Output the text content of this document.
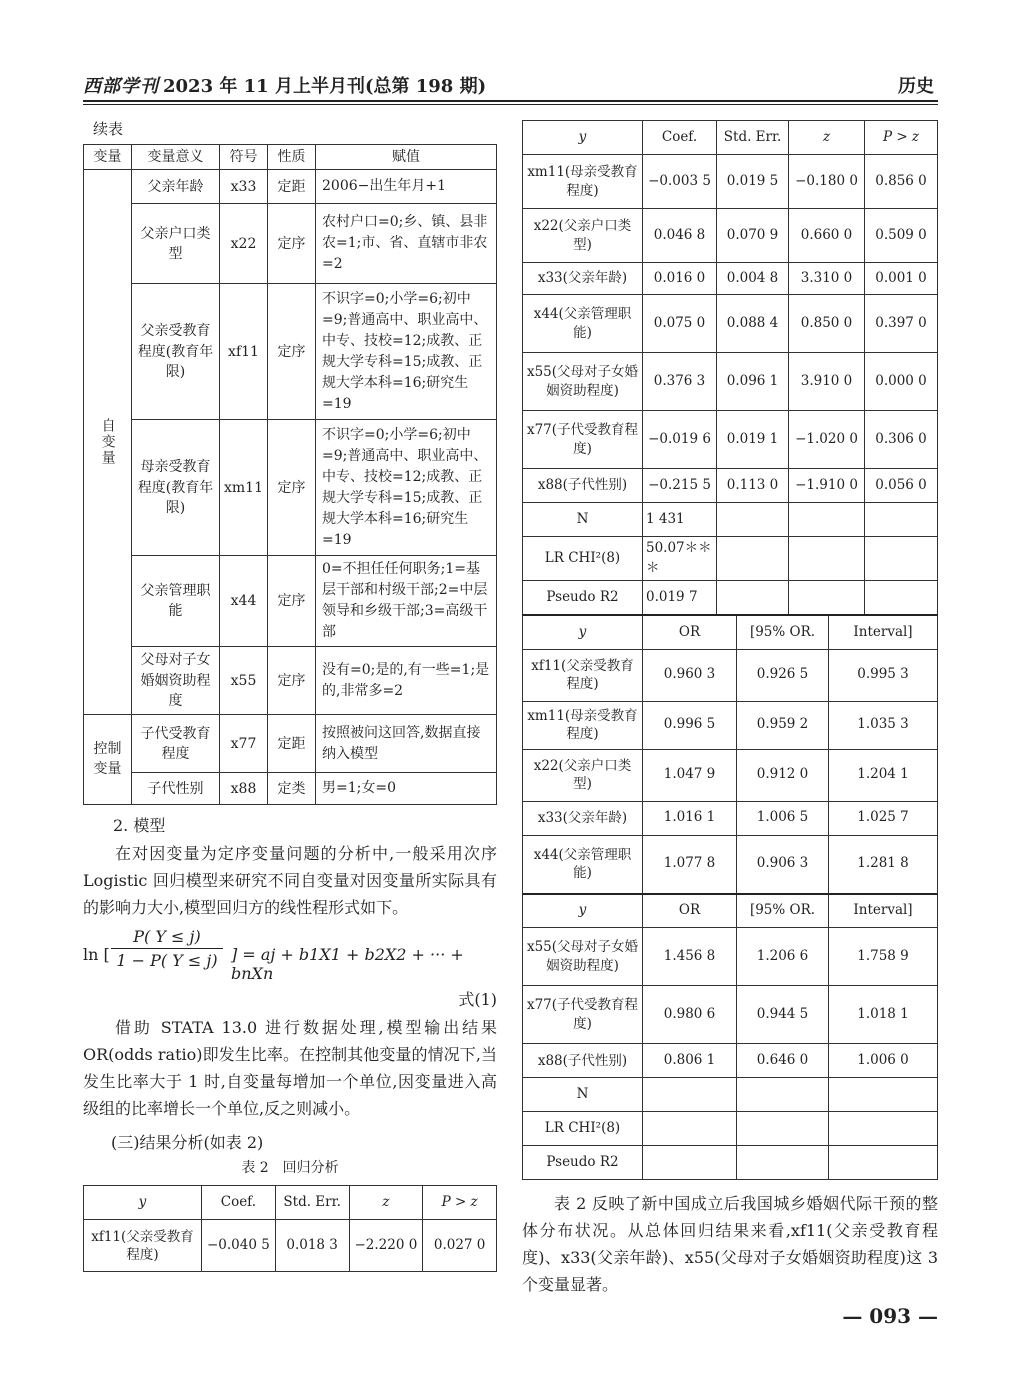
西部学刊 2023 年 11 月上半月刊(总第 198 期)	历史
续表
变量	变量意义	符号	性质	赋值

自变量	父亲年龄	x33	定距	2006−出生年月+1
	父亲户口类型	x22	定序	农村户口=0;乡、镇、县非农=1;市、省、直辖市非农=2
	父亲受教育程度(教育年限)	xf11	定序	不识字=0;小学=6;初中=9;普通高中、职业高中、中专、技校=12;成教、正规大学专科=15;成教、正规大学本科=16;研究生=19
	母亲受教育程度(教育年限)	xm11	定序	不识字=0;小学=6;初中=9;普通高中、职业高中、中专、技校=12;成教、正规大学专科=15;成教、正规大学本科=16;研究生=19
	父亲管理职能	x44	定序	0=不担任任何职务;1=基层干部和村级干部;2=中层领导和乡级干部;3=高级干部
	父母对子女婚姻资助程度	x55	定序	没有=0;是的,有一些=1;是的,非常多=2

控制变量	子代受教育程度	x77	定距	按照被问这回答,数据直接纳入模型
	子代性别	x88	定类	男=1;女=0
2. 模型
在对因变量为定序变量问题的分析中,一般采用次序 Logistic 回归模型来研究不同自变量对因变量所实际具有的影响力大小,模型回归方的线性程形式如下。
ln [ $\frac{P( Y \le j)}{1 - P( Y \le j)}$ ] = aj + b1X1 + b2X2 + ··· + bnXn
式(1)
借助 STATA 13.0 进行数据处理,模型输出结果 OR(odds ratio)即发生比率。在控制其他变量的情况下,当发生比率大于 1 时,自变量每增加一个单位,因变量进入高级组的比率增长一个单位,反之则减小。
(三)结果分析(如表 2)
表 2 回归分析
y	Coef.	Std. Err.	z	P > z
xf11(父亲受教育程度)	−0.040 5	0.018 3	−2.220 0	0.027 0
y	Coef.	Std. Err.	z	P > z
xm11(母亲受教育程度)	−0.003 5	0.019 5	−0.180 0	0.856 0
x22(父亲户口类型)	0.046 8	0.070 9	0.660 0	0.509 0
x33(父亲年龄)	0.016 0	0.004 8	3.310 0	0.001 0
x44(父亲管理职能)	0.075 0	0.088 4	0.850 0	0.397 0
x55(父母对子女婚姻资助程度)	0.376 3	0.096 1	3.910 0	0.000 0
x77(子代受教育程度)	−0.019 6	0.019 1	−1.020 0	0.306 0
x88(子代性别)	−0.215 5	0.113 0	−1.910 0	0.056 0
N	1 431			
LR CHI²(8)	50.07＊＊＊			
Pseudo R2	0.019 7			
y	OR	[95% OR.	Interval]
xf11(父亲受教育程度)	0.960 3	0.926 5	0.995 3
xm11(母亲受教育程度)	0.996 5	0.959 2	1.035 3
x22(父亲户口类型)	1.047 9	0.912 0	1.204 1
x33(父亲年龄)	1.016 1	1.006 5	1.025 7
x44(父亲管理职能)	1.077 8	0.906 3	1.281 8
y	OR	[95% OR.	Interval]
x55(父母对子女婚姻资助程度)	1.456 8	1.206 6	1.758 9
x77(子代受教育程度)	0.980 6	0.944 5	1.018 1
x88(子代性别)	0.806 1	0.646 0	1.006 0
N			
LR CHI²(8)			
Pseudo R2			
表 2 反映了新中国成立后我国城乡婚姻代际干预的整体分布状况。从总体回归结果来看,xf11(父亲受教育程度)、x33(父亲年龄)、x55(父母对子女婚姻资助程度)这 3 个变量显著。
— 093 —
